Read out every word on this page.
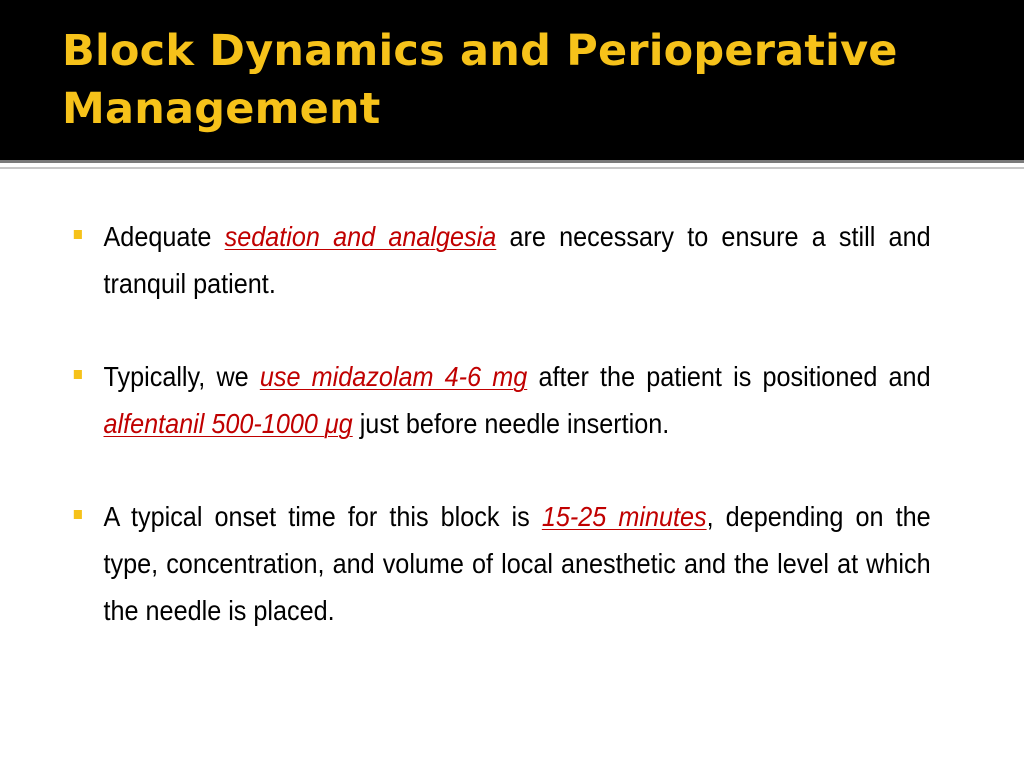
Block Dynamics and Perioperative Management
Adequate sedation and analgesia are necessary to ensure a still and tranquil patient.
Typically, we use midazolam 4-6 mg after the patient is positioned and alfentanil 500-1000 μg just before needle insertion.
A typical onset time for this block is 15-25 minutes, depending on the type, concentration, and volume of local anesthetic and the level at which the needle is placed.
